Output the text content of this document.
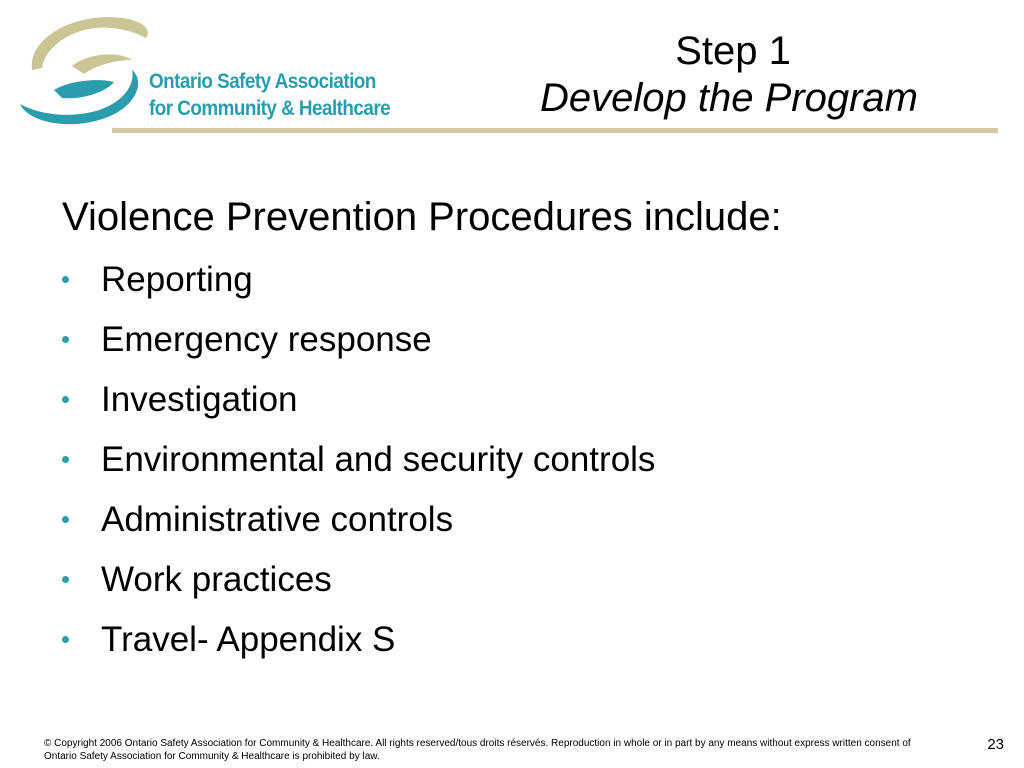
Ontario Safety Association
for Community & Healthcare
Step 1
Develop the Program
Violence Prevention Procedures include:
Reporting
Emergency response
Investigation
Environmental and security controls
Administrative controls
Work practices
Travel- Appendix S
© Copyright 2006 Ontario Safety Association for Community & Healthcare. All rights reserved/tous droits réservés. Reproduction in whole or in part by any means without express written consent of Ontario Safety Association for Community & Healthcare is prohibited by law.
23
